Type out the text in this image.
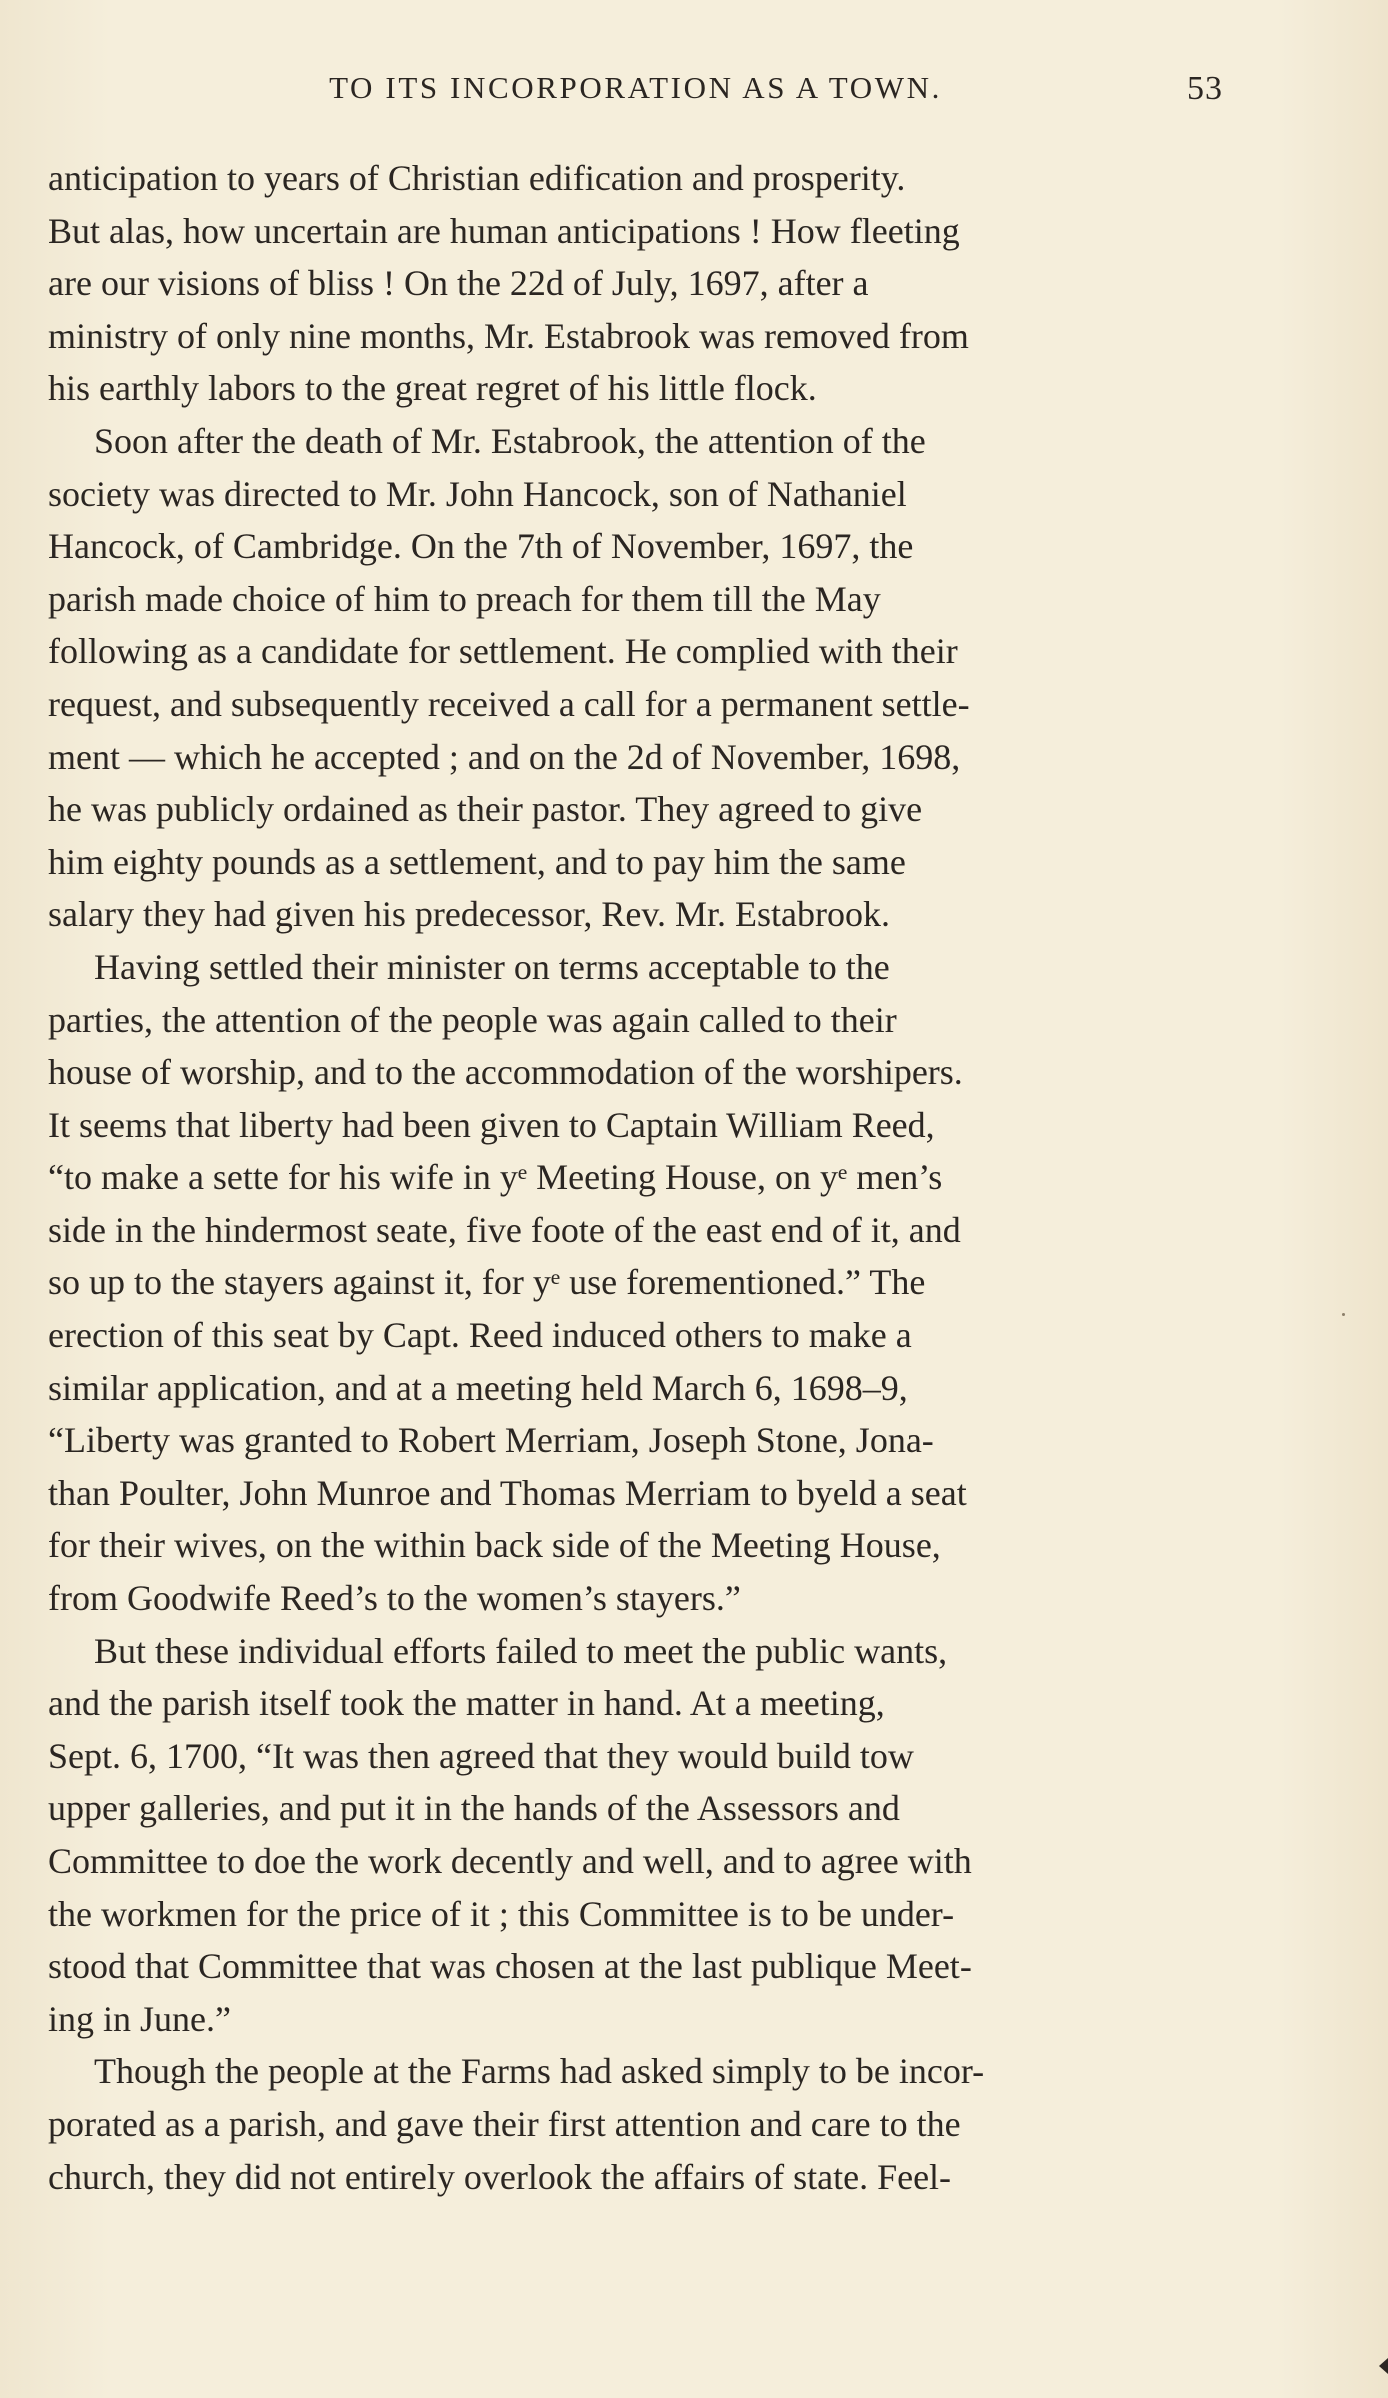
TO ITS INCORPORATION AS A TOWN.	53
anticipation to years of Christian edification and prosperity.
But alas, how uncertain are human anticipations ! How fleeting
are our visions of bliss ! On the 22d of July, 1697, after a
ministry of only nine months, Mr. Estabrook was removed from
his earthly labors to the great regret of his little flock.
Soon after the death of Mr. Estabrook, the attention of the
society was directed to Mr. John Hancock, son of Nathaniel
Hancock, of Cambridge. On the 7th of November, 1697, the
parish made choice of him to preach for them till the May
following as a candidate for settlement. He complied with their
request, and subsequently received a call for a permanent settle-
ment — which he accepted ; and on the 2d of November, 1698,
he was publicly ordained as their pastor. They agreed to give
him eighty pounds as a settlement, and to pay him the same
salary they had given his predecessor, Rev. Mr. Estabrook.
Having settled their minister on terms acceptable to the
parties, the attention of the people was again called to their
house of worship, and to the accommodation of the worshipers.
It seems that liberty had been given to Captain William Reed,
“to make a sette for his wife in yᵉ Meeting House, on yᵉ men’s
side in the hindermost seate, five foote of the east end of it, and
so up to the stayers against it, for yᵉ use forementioned.” The
erection of this seat by Capt. Reed induced others to make a
similar application, and at a meeting held March 6, 1698–9,
“Liberty was granted to Robert Merriam, Joseph Stone, Jona-
than Poulter, John Munroe and Thomas Merriam to byeld a seat
for their wives, on the within back side of the Meeting House,
from Goodwife Reed’s to the women’s stayers.”
But these individual efforts failed to meet the public wants,
and the parish itself took the matter in hand. At a meeting,
Sept. 6, 1700, “It was then agreed that they would build tow
upper galleries, and put it in the hands of the Assessors and
Committee to doe the work decently and well, and to agree with
the workmen for the price of it ; this Committee is to be under-
stood that Committee that was chosen at the last publique Meet-
ing in June.”
Though the people at the Farms had asked simply to be incor-
porated as a parish, and gave their first attention and care to the
church, they did not entirely overlook the affairs of state. Feel-
